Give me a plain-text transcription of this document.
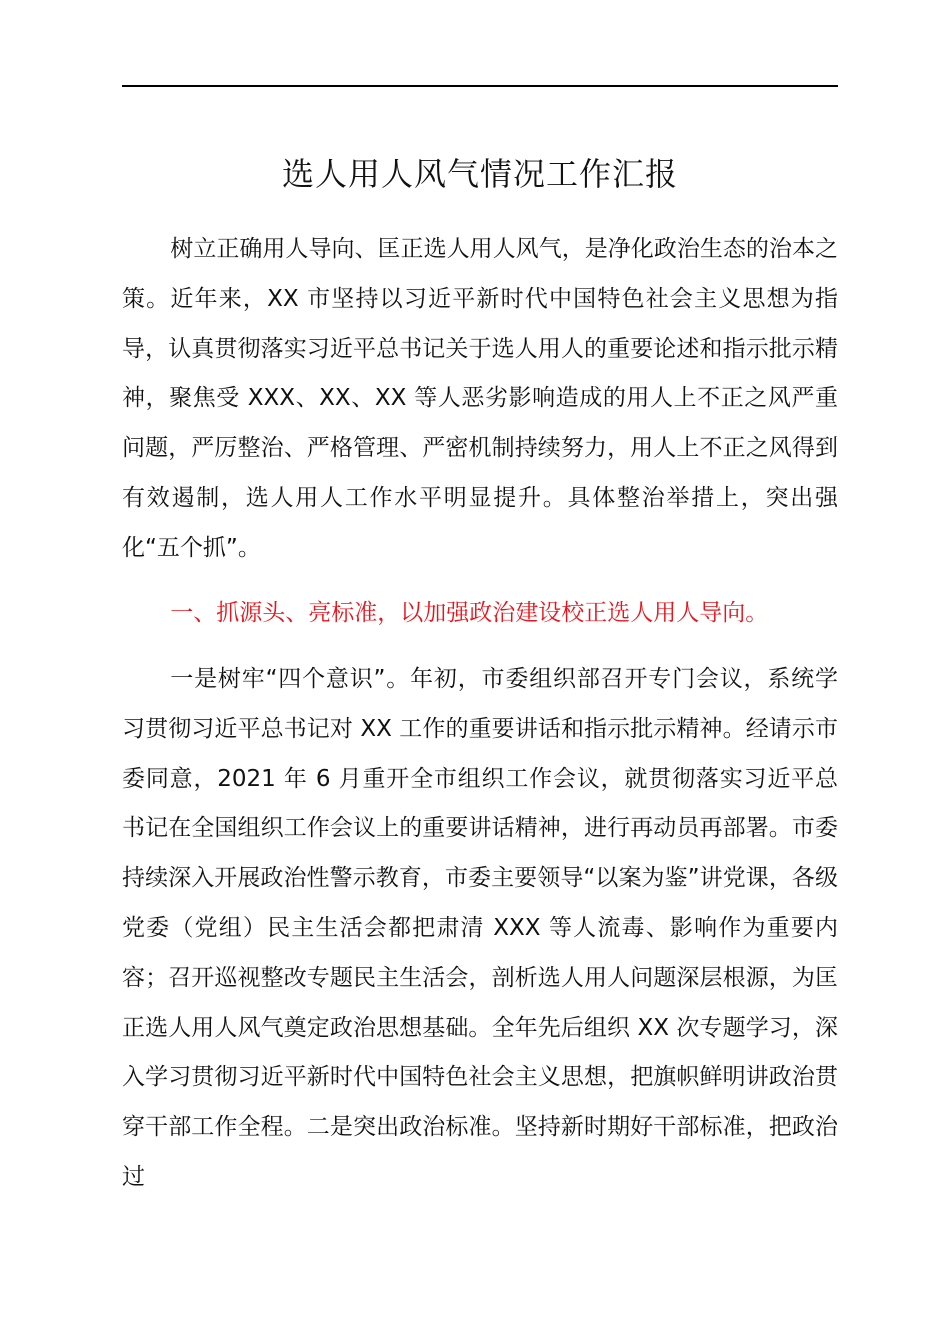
选人用人风气情况工作汇报

树立正确用人导向、匡正选人用人风气，是净化政治生态的治本之策。近年来，XX 市坚持以习近平新时代中国特色社会主义思想为指导，认真贯彻落实习近平总书记关于选人用人的重要论述和指示批示精神，聚焦受 XXX、XX、XX 等人恶劣影响造成的用人上不正之风严重问题，严厉整治、严格管理、严密机制持续努力，用人上不正之风得到有效遏制，选人用人工作水平明显提升。具体整治举措上，突出强化“五个抓”。

一、抓源头、亮标准，以加强政治建设校正选人用人导向。

一是树牢“四个意识”。年初，市委组织部召开专门会议，系统学习贯彻习近平总书记对 XX 工作的重要讲话和指示批示精神。经请示市委同意，2021 年 6 月重开全市组织工作会议，就贯彻落实习近平总书记在全国组织工作会议上的重要讲话精神，进行再动员再部署。市委持续深入开展政治性警示教育，市委主要领导“以案为鉴”讲党课，各级党委（党组）民主生活会都把肃清 XXX 等人流毒、影响作为重要内容；召开巡视整改专题民主生活会，剖析选人用人问题深层根源，为匡正选人用人风气奠定政治思想基础。全年先后组织 XX 次专题学习，深入学习贯彻习近平新时代中国特色社会主义思想，把旗帜鲜明讲政治贯穿干部工作全程。二是突出政治标准。坚持新时期好干部标准，把政治过
